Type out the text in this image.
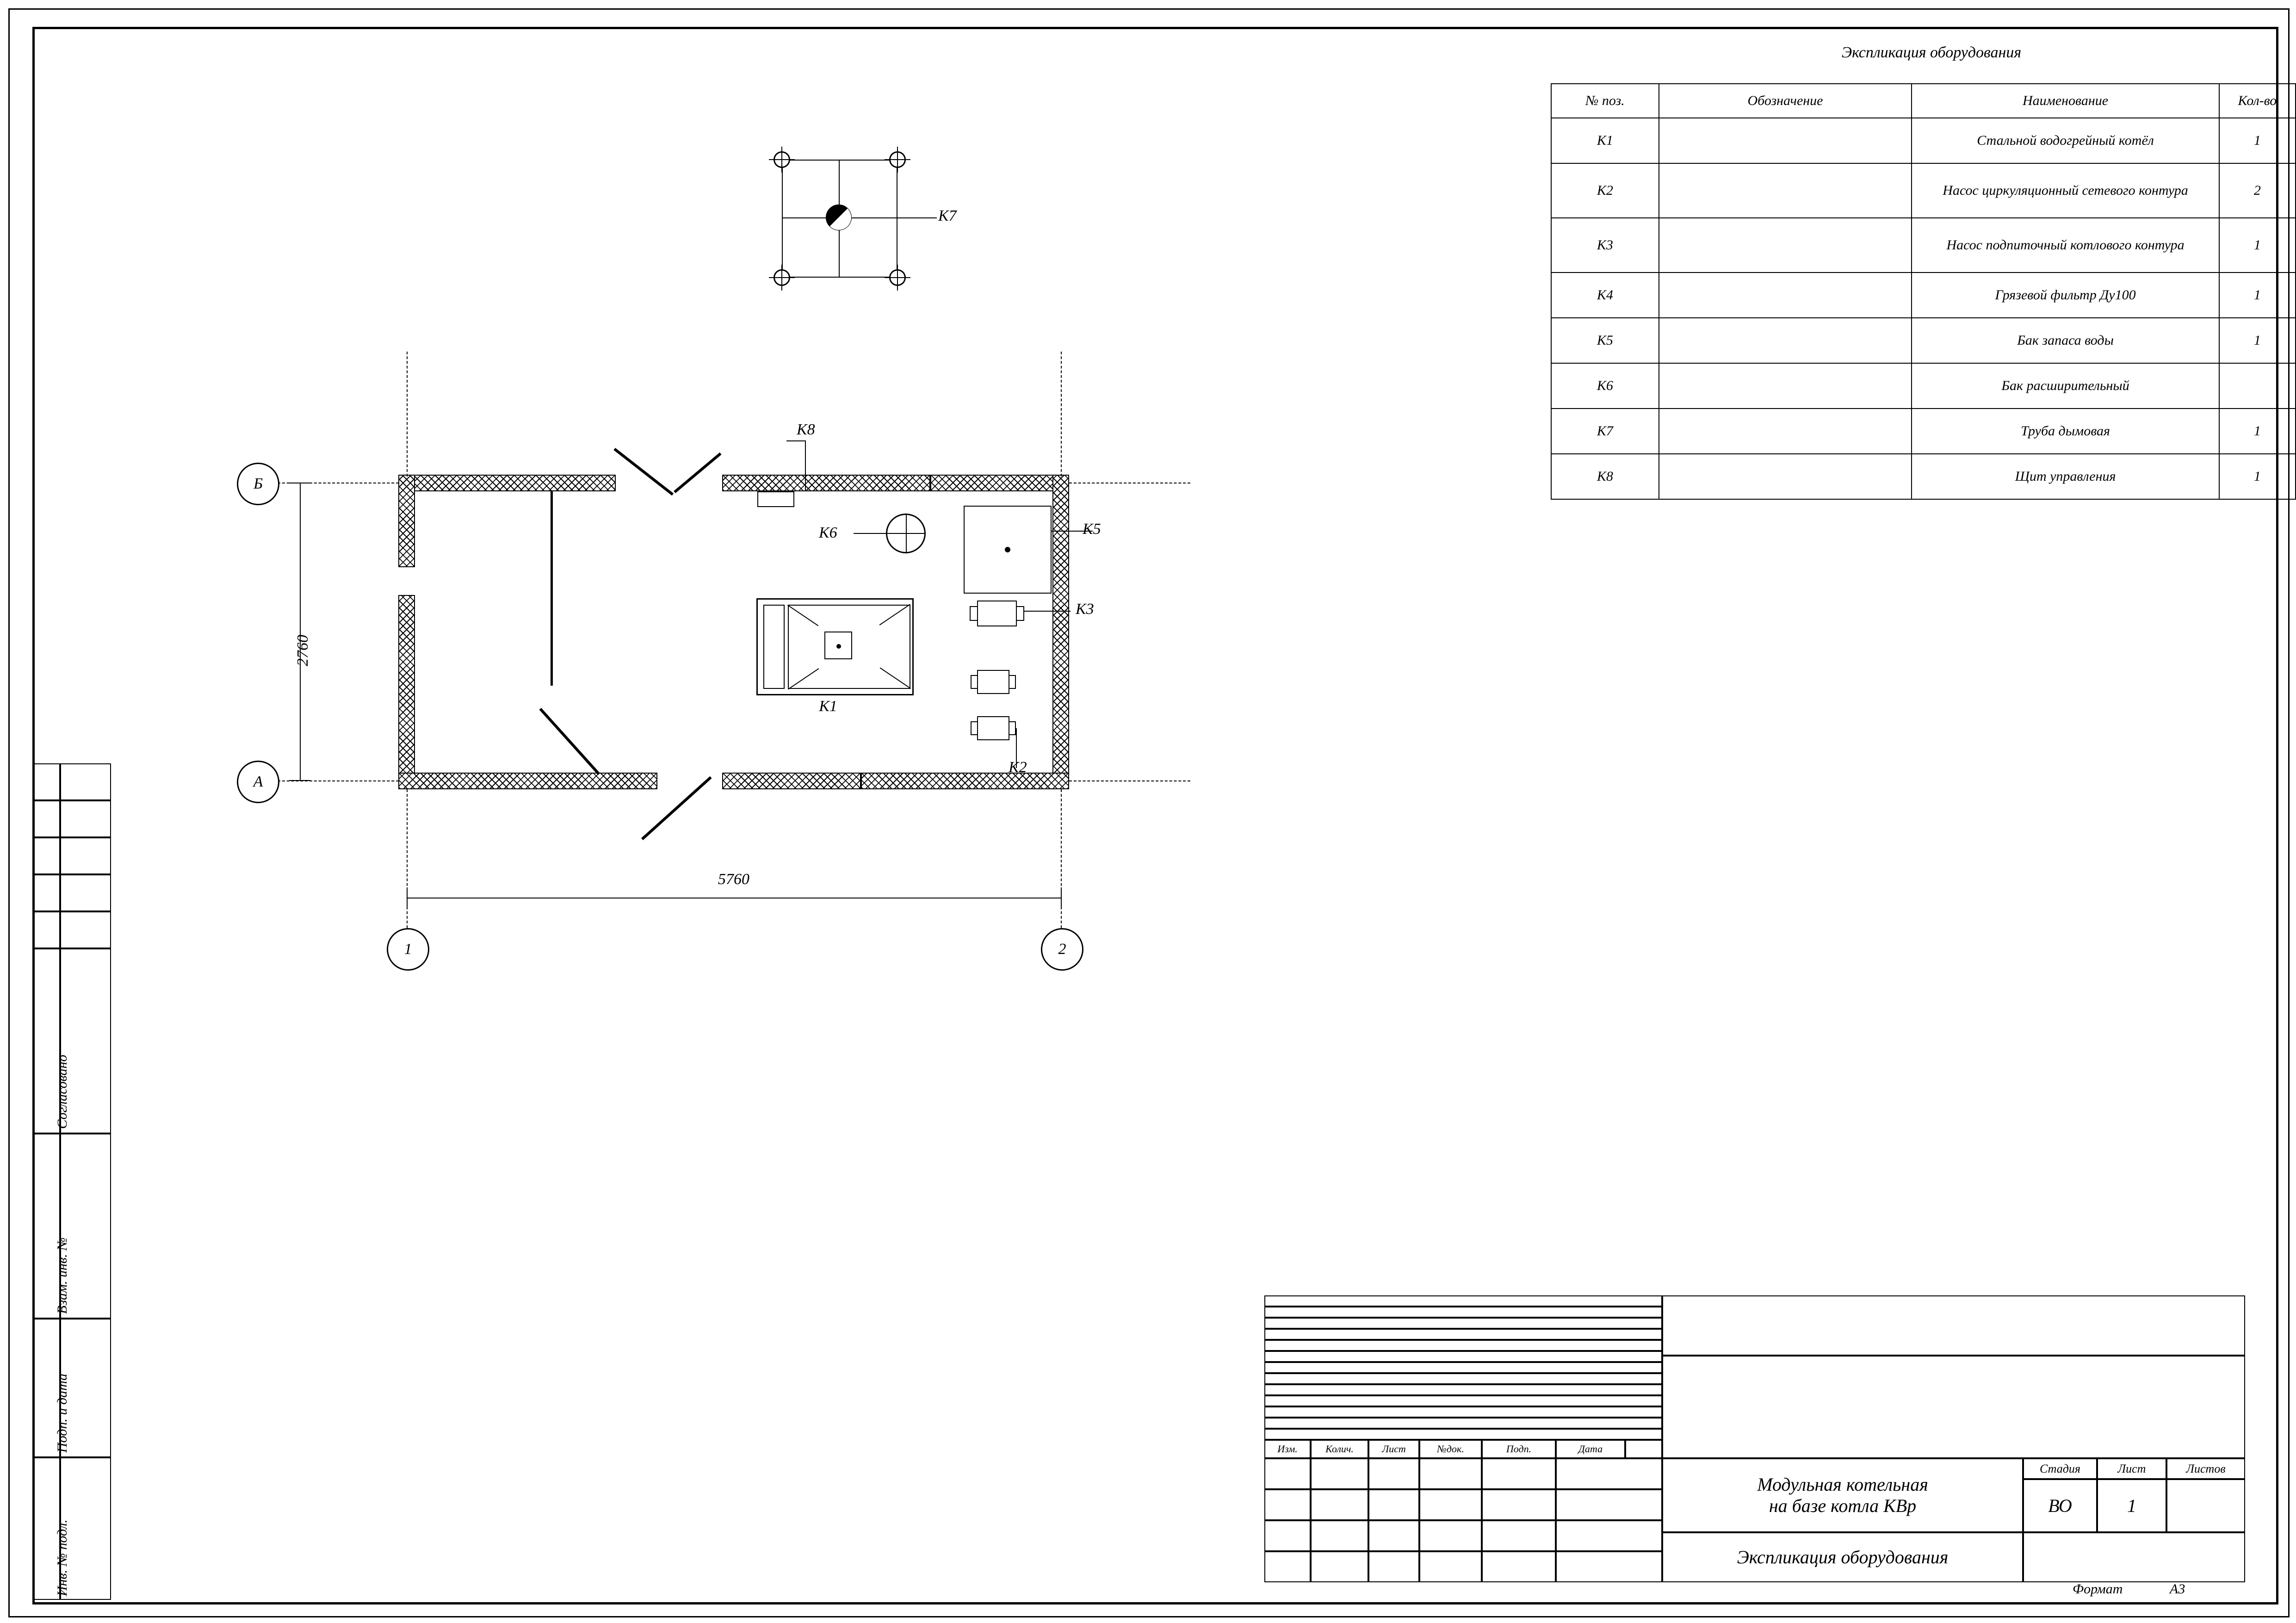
Согласовано
Взам. инв. №
Подп. и дата
Инв. № подл.
Экспликация оборудования
№ поз.	Обозначение	Наименование	Кол-во
К1		Стальной водогрейный котёл	1
К2		Насос циркуляционный сетевого контура	2
К3		Насос подпиточный котлового контура	1
К4		Грязевой фильтр Ду100	1
К5		Бак запаса воды	1
К6		Бак расширительный	
К7		Труба дымовая	1
К8		Щит управления	1
К7
К8
К6	К5
К1
К3
К2
Б
А
1	2
2760
5760
Изм.	Колич.	Лист	№док.	Подп.	Дата
Модульная котельная
на базе котла КВр
Экспликация оборудования
Стадия	Лист	Листов
ВО	1
Формат	А3
